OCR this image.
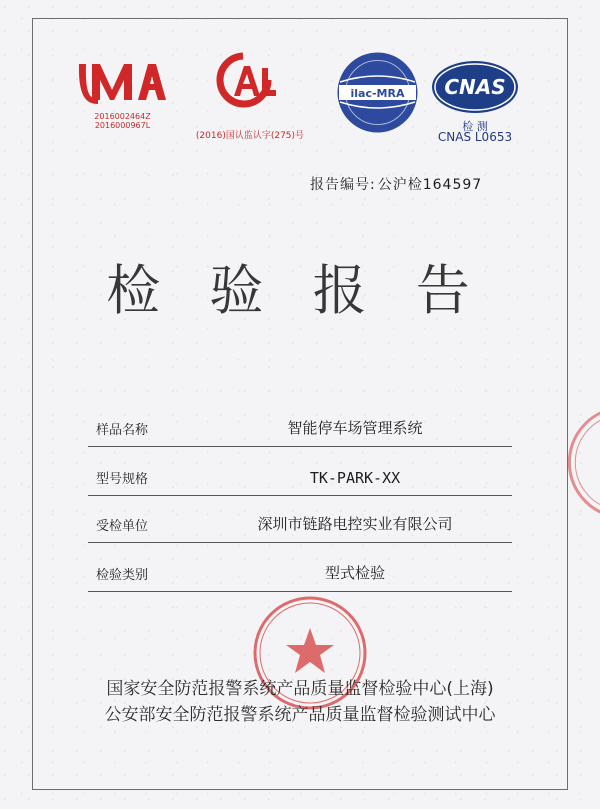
2016002464Z
2016000967L
(2016)国认监认字(275)号
ilac-MRA CNAS
检 测
CNAS L0653
报告编号: 公沪检164597
检 验 报 告
样品名称	智能停车场管理系统
型号规格	TK-PARK-XX
受检单位	深圳市链路电控实业有限公司
检验类别	型式检验
国家安全防范报警系统产品质量监督检验中心(上海)
公安部安全防范报警系统产品质量监督检验测试中心
